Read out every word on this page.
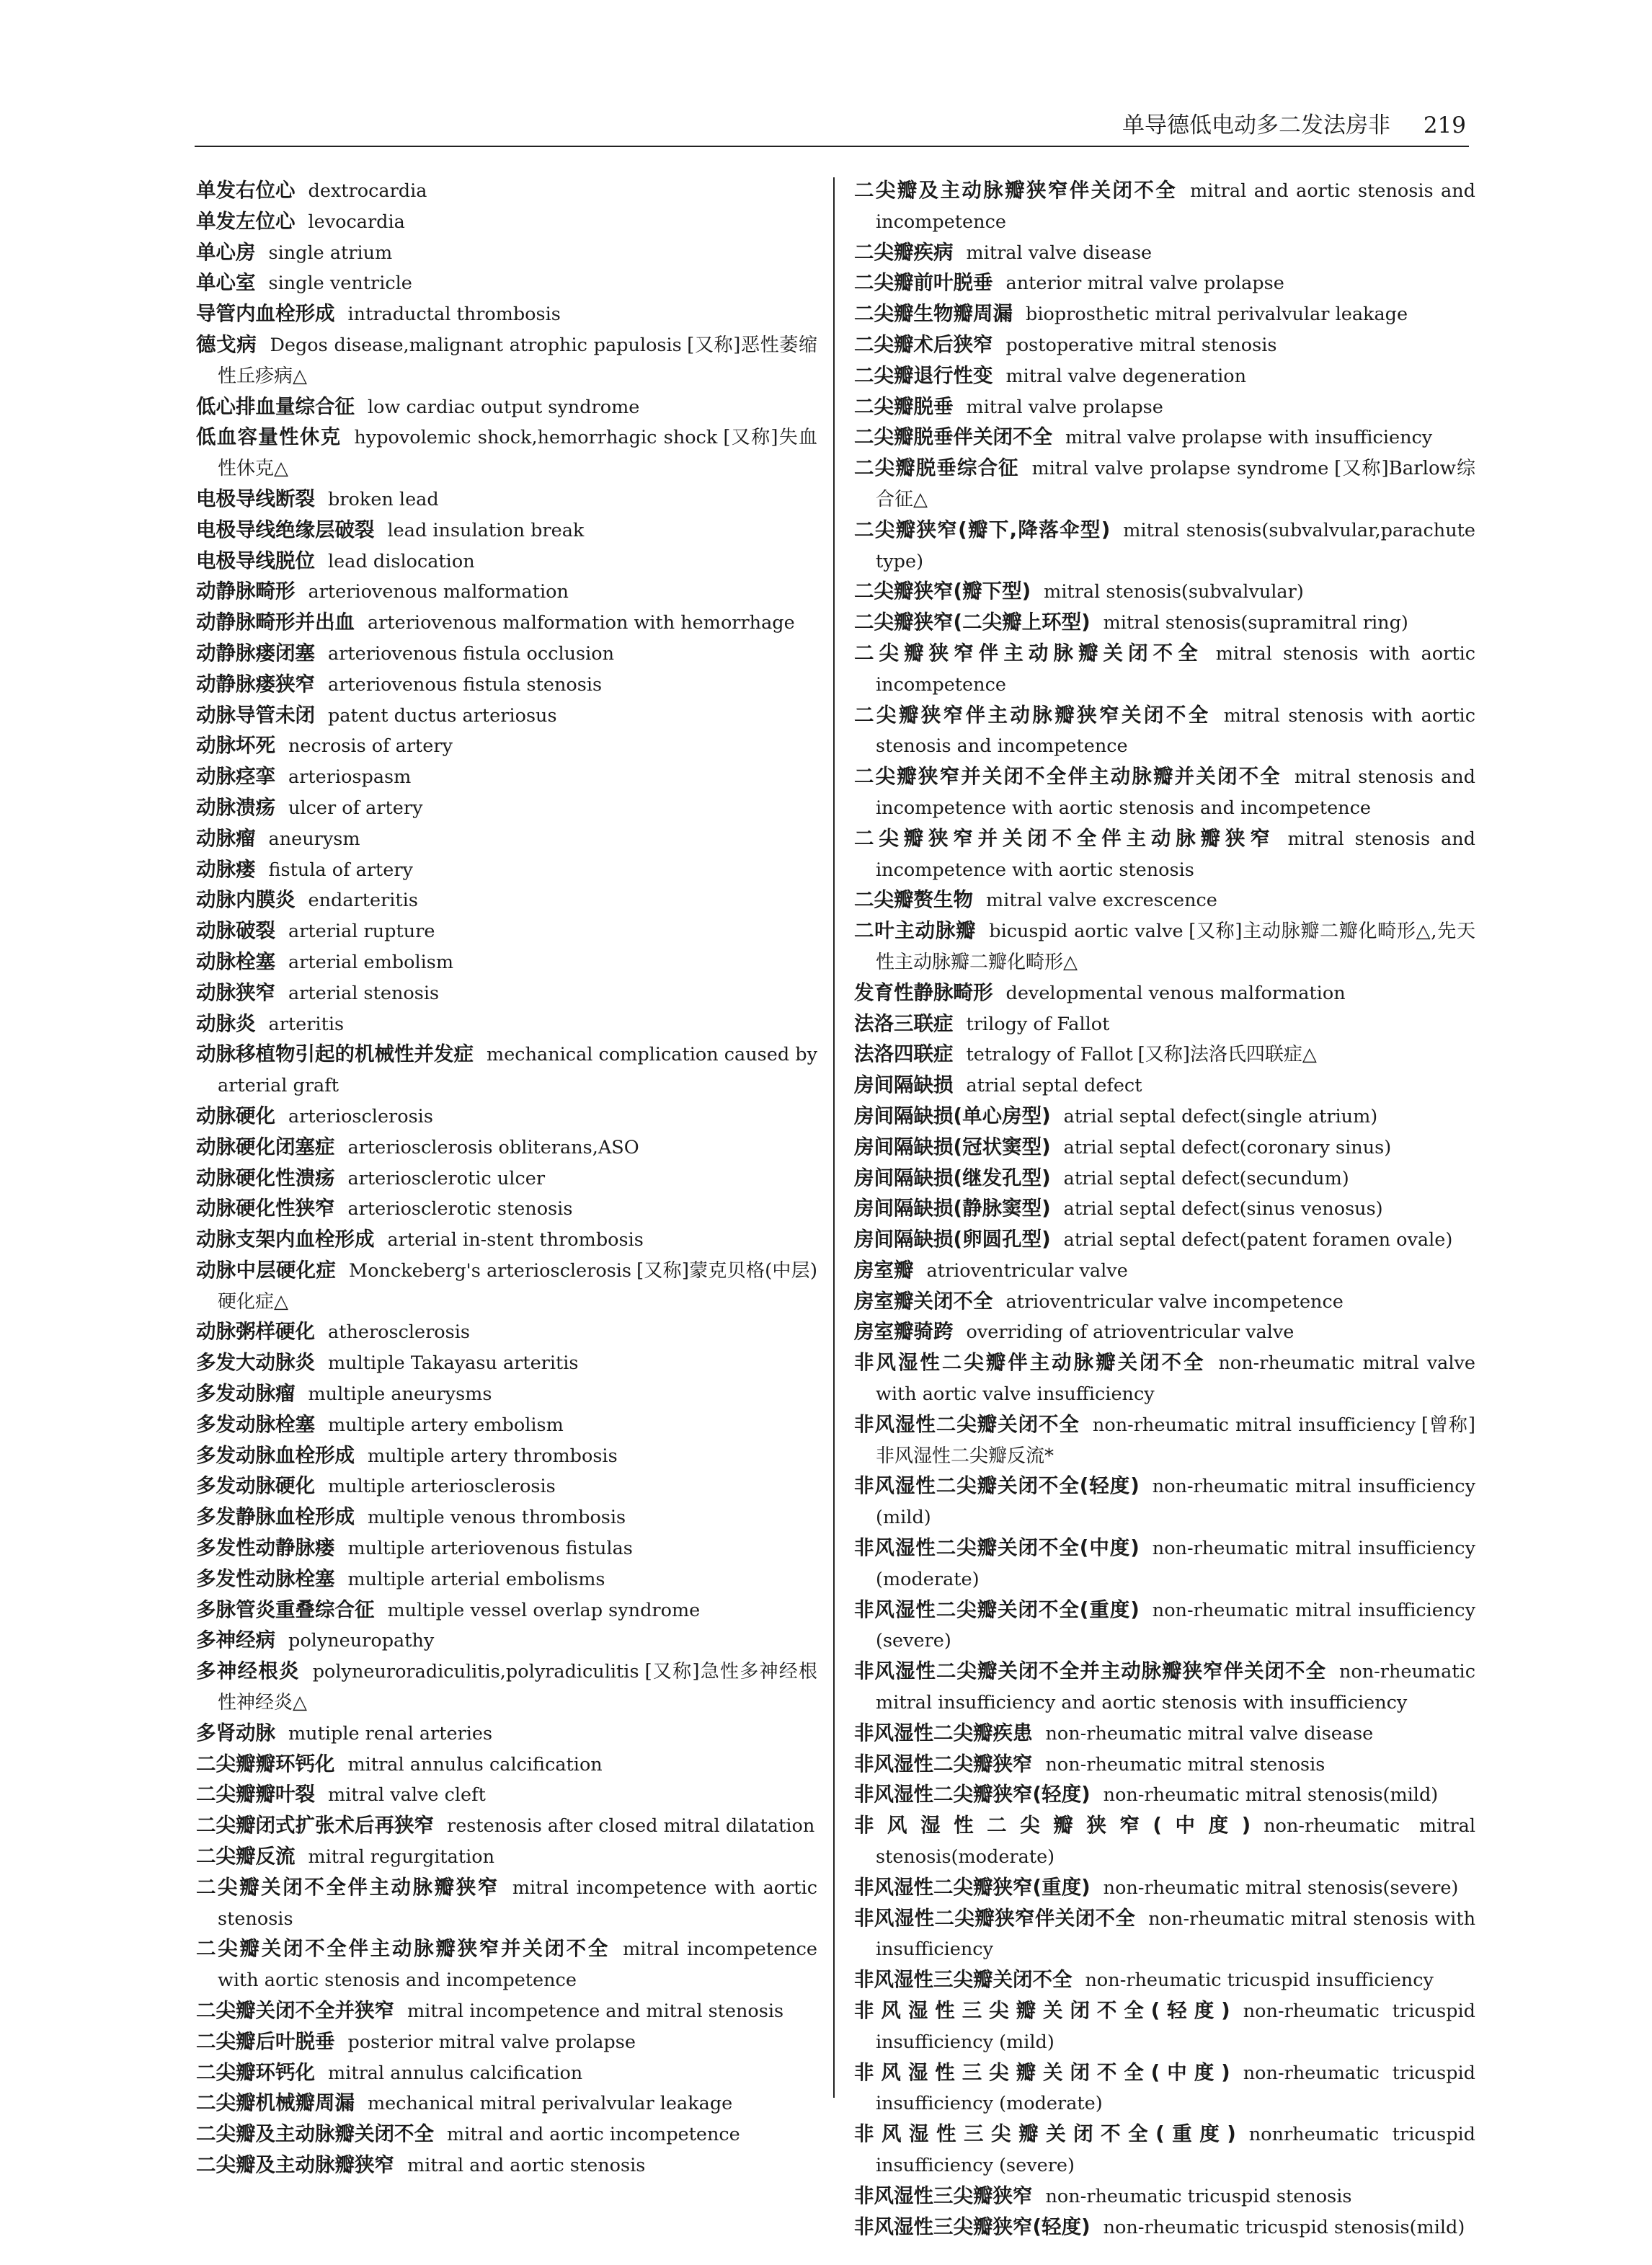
单导德低电动多二发法房非 219
单发右位心 dextrocardia
单发左位心 levocardia
单心房 single atrium
单心室 single ventricle
导管内血栓形成 intraductal thrombosis
德戈病 Degos disease,malignant atrophic papulosis [又称]恶性萎缩性丘疹病△
低心排血量综合征 low cardiac output syndrome
低血容量性休克 hypovolemic shock,hemorrhagic shock [又称]失血性休克△
电极导线断裂 broken lead
电极导线绝缘层破裂 lead insulation break
电极导线脱位 lead dislocation
动静脉畸形 arteriovenous malformation
动静脉畸形并出血 arteriovenous malformation with hemorrhage
动静脉瘘闭塞 arteriovenous fistula occlusion
动静脉瘘狭窄 arteriovenous fistula stenosis
动脉导管未闭 patent ductus arteriosus
动脉坏死 necrosis of artery
动脉痉挛 arteriospasm
动脉溃疡 ulcer of artery
动脉瘤 aneurysm
动脉瘘 fistula of artery
动脉内膜炎 endarteritis
动脉破裂 arterial rupture
动脉栓塞 arterial embolism
动脉狭窄 arterial stenosis
动脉炎 arteritis
动脉移植物引起的机械性并发症 mechanical complication caused by arterial graft
动脉硬化 arteriosclerosis
动脉硬化闭塞症 arteriosclerosis obliterans,ASO
动脉硬化性溃疡 arteriosclerotic ulcer
动脉硬化性狭窄 arteriosclerotic stenosis
动脉支架内血栓形成 arterial in-stent thrombosis
动脉中层硬化症 Monckeberg's arteriosclerosis [又称]蒙克贝格(中层)硬化症△
动脉粥样硬化 atherosclerosis
多发大动脉炎 multiple Takayasu arteritis
多发动脉瘤 multiple aneurysms
多发动脉栓塞 multiple artery embolism
多发动脉血栓形成 multiple artery thrombosis
多发动脉硬化 multiple arteriosclerosis
多发静脉血栓形成 multiple venous thrombosis
多发性动静脉瘘 multiple arteriovenous fistulas
多发性动脉栓塞 multiple arterial embolisms
多脉管炎重叠综合征 multiple vessel overlap syndrome
多神经病 polyneuropathy
多神经根炎 polyneuroradiculitis,polyradiculitis [又称]急性多神经根性神经炎△
多肾动脉 mutiple renal arteries
二尖瓣瓣环钙化 mitral annulus calcification
二尖瓣瓣叶裂 mitral valve cleft
二尖瓣闭式扩张术后再狭窄 restenosis after closed mitral dilatation
二尖瓣反流 mitral regurgitation
二尖瓣关闭不全伴主动脉瓣狭窄 mitral incompetence with aortic stenosis
二尖瓣关闭不全伴主动脉瓣狭窄并关闭不全 mitral incompetence with aortic stenosis and incompetence
二尖瓣关闭不全并狭窄 mitral incompetence and mitral stenosis
二尖瓣后叶脱垂 posterior mitral valve prolapse
二尖瓣环钙化 mitral annulus calcification
二尖瓣机械瓣周漏 mechanical mitral perivalvular leakage
二尖瓣及主动脉瓣关闭不全 mitral and aortic incompetence
二尖瓣及主动脉瓣狭窄 mitral and aortic stenosis
二尖瓣及主动脉瓣狭窄伴关闭不全 mitral and aortic stenosis and incompetence
二尖瓣疾病 mitral valve disease
二尖瓣前叶脱垂 anterior mitral valve prolapse
二尖瓣生物瓣周漏 bioprosthetic mitral perivalvular leakage
二尖瓣术后狭窄 postoperative mitral stenosis
二尖瓣退行性变 mitral valve degeneration
二尖瓣脱垂 mitral valve prolapse
二尖瓣脱垂伴关闭不全 mitral valve prolapse with insufficiency
二尖瓣脱垂综合征 mitral valve prolapse syndrome [又称]Barlow综合征△
二尖瓣狭窄(瓣下,降落伞型) mitral stenosis(subvalvular,parachute type)
二尖瓣狭窄(瓣下型) mitral stenosis(subvalvular)
二尖瓣狭窄(二尖瓣上环型) mitral stenosis(supramitral ring)
二尖瓣狭窄伴主动脉瓣关闭不全 mitral stenosis with aortic incompetence
二尖瓣狭窄伴主动脉瓣狭窄关闭不全 mitral stenosis with aortic stenosis and incompetence
二尖瓣狭窄并关闭不全伴主动脉瓣并关闭不全 mitral stenosis and incompetence with aortic stenosis and incompetence
二尖瓣狭窄并关闭不全伴主动脉瓣狭窄 mitral stenosis and incompetence with aortic stenosis
二尖瓣赘生物 mitral valve excrescence
二叶主动脉瓣 bicuspid aortic valve [又称]主动脉瓣二瓣化畸形△,先天性主动脉瓣二瓣化畸形△
发育性静脉畸形 developmental venous malformation
法洛三联症 trilogy of Fallot
法洛四联症 tetralogy of Fallot [又称]法洛氏四联症△
房间隔缺损 atrial septal defect
房间隔缺损(单心房型) atrial septal defect(single atrium)
房间隔缺损(冠状窦型) atrial septal defect(coronary sinus)
房间隔缺损(继发孔型) atrial septal defect(secundum)
房间隔缺损(静脉窦型) atrial septal defect(sinus venosus)
房间隔缺损(卵圆孔型) atrial septal defect(patent foramen ovale)
房室瓣 atrioventricular valve
房室瓣关闭不全 atrioventricular valve incompetence
房室瓣骑跨 overriding of atrioventricular valve
非风湿性二尖瓣伴主动脉瓣关闭不全 non-rheumatic mitral valve with aortic valve insufficiency
非风湿性二尖瓣关闭不全 non-rheumatic mitral insufficiency [曾称]非风湿性二尖瓣反流*
非风湿性二尖瓣关闭不全(轻度) non-rheumatic mitral insufficiency (mild)
非风湿性二尖瓣关闭不全(中度) non-rheumatic mitral insufficiency (moderate)
非风湿性二尖瓣关闭不全(重度) non-rheumatic mitral insufficiency (severe)
非风湿性二尖瓣关闭不全并主动脉瓣狭窄伴关闭不全 non-rheumatic mitral insufficiency and aortic stenosis with insufficiency
非风湿性二尖瓣疾患 non-rheumatic mitral valve disease
非风湿性二尖瓣狭窄 non-rheumatic mitral stenosis
非风湿性二尖瓣狭窄(轻度) non-rheumatic mitral stenosis(mild)
非风湿性二尖瓣狭窄(中度) non-rheumatic mitral stenosis(moderate)
非风湿性二尖瓣狭窄(重度) non-rheumatic mitral stenosis(severe)
非风湿性二尖瓣狭窄伴关闭不全 non-rheumatic mitral stenosis with insufficiency
非风湿性三尖瓣关闭不全 non-rheumatic tricuspid insufficiency
非风湿性三尖瓣关闭不全(轻度) non-rheumatic tricuspid insufficiency (mild)
非风湿性三尖瓣关闭不全(中度) non-rheumatic tricuspid insufficiency (moderate)
非风湿性三尖瓣关闭不全(重度) nonrheumatic tricuspid insufficiency (severe)
非风湿性三尖瓣狭窄 non-rheumatic tricuspid stenosis
非风湿性三尖瓣狭窄(轻度) non-rheumatic tricuspid stenosis(mild)
